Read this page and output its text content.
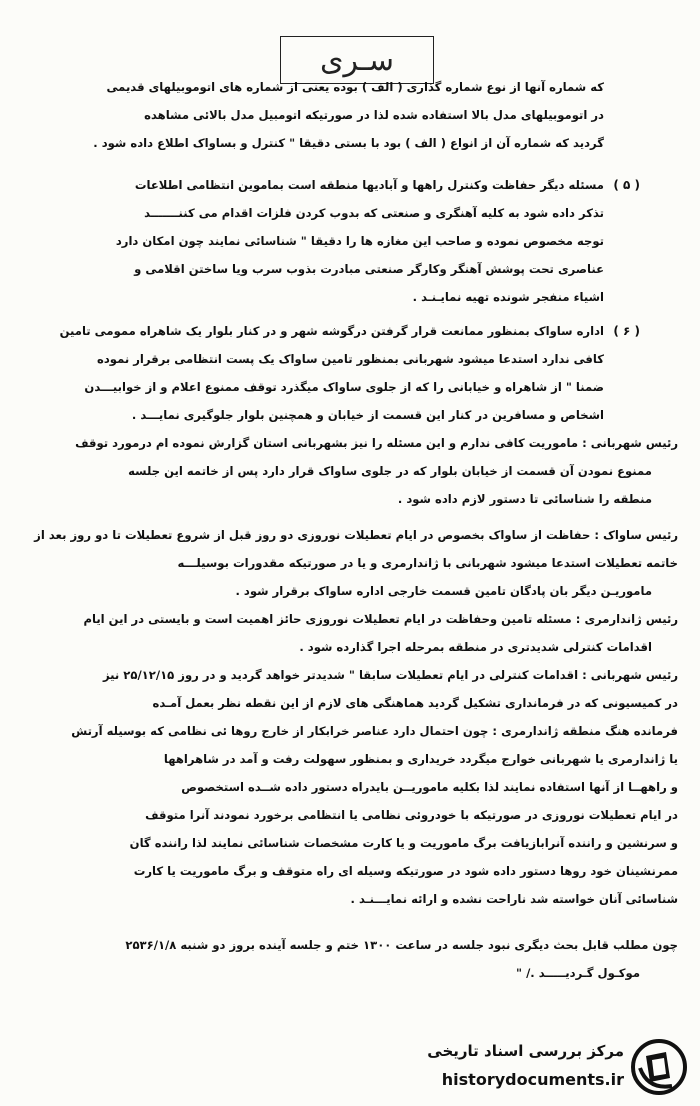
سـری
که شماره آنها از نوع شماره گذاری ( الف ) بوده یعنی از شماره های اتوموبیلهای قدیمی
در اتوموبیلهای مدل بالا استفاده شده لذا در صورتیکه اتومبیل مدل بالائی مشاهده
گردید که شماره آن از انواع ( الف ) بود با بستی دقیقا " کنترل و بساواک اطلاع داده شود .
( ۵ )
مسئله دیگر حفاظت وکنترل راهها و آبادیها منطقه است بماموین انتظامی اطلاعات
تذکر داده شود به کلیه آهنگری و صنعتی که بدوب کردن فلزات اقدام می کننـــــــد
توجه مخصوص نموده و صاحب این مغازه ها را دقیقا " شناسائی نمایند چون امکان دارد
عناصری تحت پوشش آهنگر وکارگر صنعتی مبادرت بذوب سرب ویا ساختن اقلامی و
اشیاء منفجر شونده تهیه نمایـنـد .
( ۶ )
اداره ساواک بمنظور ممانعت قرار گرفتن درگوشه شهر و در کنار بلوار یک شاهراه ممومی تامین
کافی ندارد استدعا میشود شهربانی بمنظور تامین ساواک یک پست انتظامی برقرار نموده
ضمنا " از شاهراه و خیابانی را که از جلوی ساواک میگذرد توقف ممنوع اعلام و از خوابیـــدن
اشخاص و مسافرین در کنار این قسمت از خیابان و همچنین بلوار جلوگیری نمایـــد .
رئیس شهربانی : ماموریت کافی ندارم و این مسئله را نیز بشهربانی استان گزارش نموده ام درمورد توقف
ممنوع نمودن آن قسمت از خیابان بلوار که در جلوی ساواک قرار دارد پس از خاتمه این جلسه
منطقه را شناسائی تا دستور لازم داده شود .
رئیس ساواک : حفاظت از ساواک بخصوص در ایام تعطیلات نوروزی دو روز قبل از شروع تعطیلات تا دو روز بعد از
خاتمه تعطیلات استدعا میشود شهربانی با ژاندارمری و یا در صورتیکه مقدورات بوسیلـــه
ماموریـن دیگر بان پادگان تامین قسمت خارجی اداره ساواک برقرار شود .
رئیس ژاندارمری : مسئله تامین وحفاظت در ایام تعطیلات نوروزی حائز اهمیت است و بایستی در این ایام
اقدامات کنترلی شدیدتری در منطقه بمرحله اجرا گذارده شود .
رئیس شهربانی : اقدامات کنترلی در ایام تعطیلات سابقا " شدیدتر خواهد گردید و در روز ۲۵/۱۲/۱۵ نیز
در کمیسیونی که در فرمانداری تشکیل گردید هماهنگی های لازم از این نقطه نظر بعمل آمـده
فرمانده هنگ منطقه ژاندارمری : چون احتمال دارد عناصر خرابکار از خارج روها ئی نظامی که بوسیله آرتش
یا ژاندارمری یا شهربانی خوارج میگردد خریداری و بمنظور سهولت رفت و آمد در شاهراهها
و راههــا از آنها استفاده نمایند لذا بکلیه ماموریــن بایدراه دستور داده شــده استخصوص
در ایام تعطیلات نوروزی در صورتیکه با خودروئی نظامی یا انتظامی برخورد نمودند آنرا متوقف
و سرنشین و راننده آنرابازیافت برگ ماموریت و یا کارت مشخصات شناسائی نمایند لذا راننده گان
ممرنشینان خود روها دستور داده شود در صورتیکه وسیله ای راه متوقف و برگ ماموریت یا کارت
شناسائی آنان خواسته شد ناراحت نشده و ارائه نمایـــنـد .
چون مطلب قابل بحث دیگری نبود جلسه در ساعت ۱۳۰۰ ختم و جلسه آینده بروز دو شنبه ۲۵۳۶/۱/۸
موکـول گـردیـــــد ./ "
مرکز بررسی اسناد تاریخی
historydocuments.ir
